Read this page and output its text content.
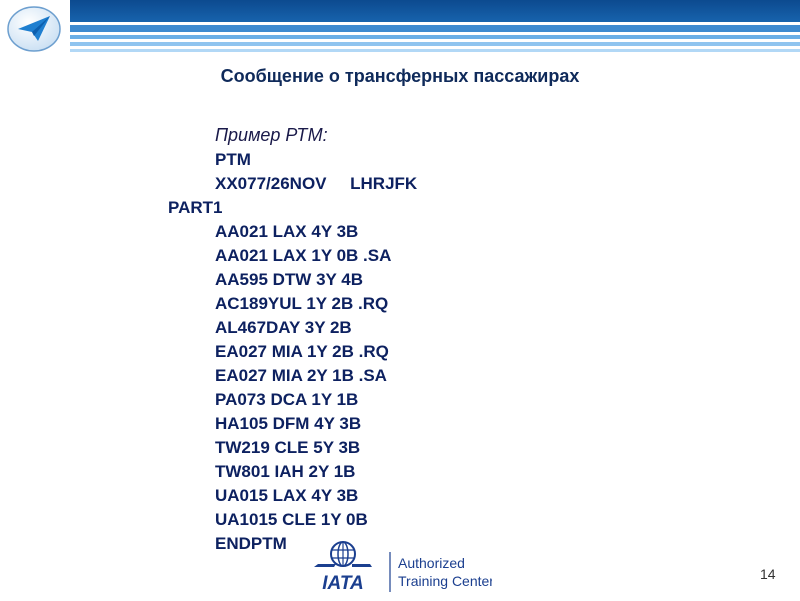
Сообщение о трансферных пассажирах
Пример РТМ:
PTM
XX077/26NOV     LHRJFK
PART1
AA021 LAX 4Y 3B
AA021 LAX 1Y 0B .SA
AA595 DTW 3Y 4B
AC189YUL 1Y 2B .RQ
AL467DAY 3Y 2B
EA027 MIA 1Y 2B .RQ
EA027 MIA 2Y 1B .SA
PA073 DCA 1Y 1B
HA105 DFM 4Y 3B
TW219 CLE 5Y 3B
TW801 IAH 2Y 1B
UA015 LAX 4Y 3B
UA1015 CLE 1Y 0B
ENDPTM
IATA
Authorized
Training Center	14
